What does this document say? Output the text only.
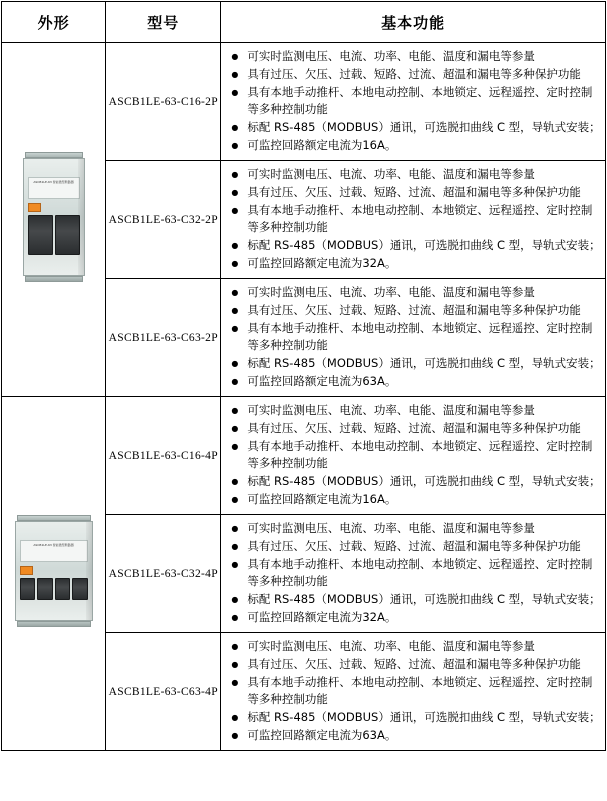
外形	型号	基本功能

ASCB1LE-63 智能微型断路器
	ASCB1LE-63-C16-2P	
● 可实时监测电压、电流、功率、电能、温度和漏电等参量
● 具有过压、欠压、过载、短路、过流、超温和漏电等多种保护功能
● 具有本地手动推杆、本地电动控制、本地锁定、远程遥控、定时控制等多种控制功能
● 标配 RS-485（MODBUS）通讯，可选脱扣曲线 C 型，导轨式安装；
● 可监控回路额定电流为16A。

ASCB1LE-63-C32-2P	
● 可实时监测电压、电流、功率、电能、温度和漏电等参量
● 具有过压、欠压、过载、短路、过流、超温和漏电等多种保护功能
● 具有本地手动推杆、本地电动控制、本地锁定、远程遥控、定时控制等多种控制功能
● 标配 RS-485（MODBUS）通讯，可选脱扣曲线 C 型，导轨式安装；
● 可监控回路额定电流为32A。

ASCB1LE-63-C63-2P	
● 可实时监测电压、电流、功率、电能、温度和漏电等参量
● 具有过压、欠压、过载、短路、过流、超温和漏电等多种保护功能
● 具有本地手动推杆、本地电动控制、本地锁定、远程遥控、定时控制等多种控制功能
● 标配 RS-485（MODBUS）通讯，可选脱扣曲线 C 型，导轨式安装；
● 可监控回路额定电流为63A。

ASCB1LE-63 智能微型断路器
	ASCB1LE-63-C16-4P	
● 可实时监测电压、电流、功率、电能、温度和漏电等参量
● 具有过压、欠压、过载、短路、过流、超温和漏电等多种保护功能
● 具有本地手动推杆、本地电动控制、本地锁定、远程遥控、定时控制等多种控制功能
● 标配 RS-485（MODBUS）通讯，可选脱扣曲线 C 型，导轨式安装；
● 可监控回路额定电流为16A。

ASCB1LE-63-C32-4P	
● 可实时监测电压、电流、功率、电能、温度和漏电等参量
● 具有过压、欠压、过载、短路、过流、超温和漏电等多种保护功能
● 具有本地手动推杆、本地电动控制、本地锁定、远程遥控、定时控制等多种控制功能
● 标配 RS-485（MODBUS）通讯，可选脱扣曲线 C 型，导轨式安装；
● 可监控回路额定电流为32A。

ASCB1LE-63-C63-4P	
● 可实时监测电压、电流、功率、电能、温度和漏电等参量
● 具有过压、欠压、过载、短路、过流、超温和漏电等多种保护功能
● 具有本地手动推杆、本地电动控制、本地锁定、远程遥控、定时控制等多种控制功能
● 标配 RS-485（MODBUS）通讯，可选脱扣曲线 C 型，导轨式安装；
● 可监控回路额定电流为63A。
